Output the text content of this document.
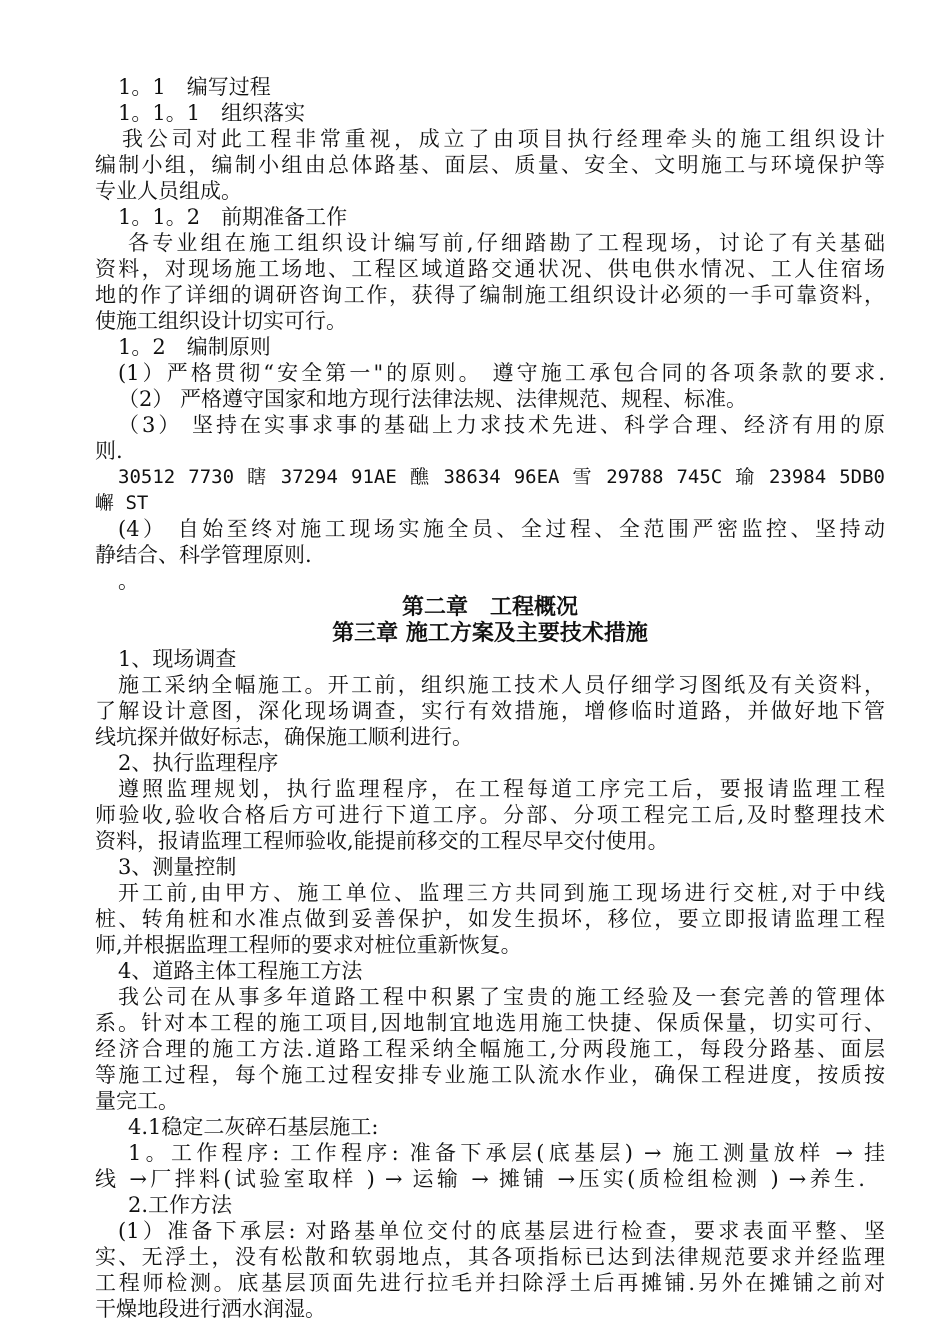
1。1　编写过程
1。1。1　组织落实
我公司对此工程非常重视，成立了由项目执行经理牵头的施工组织设计
编制小组，编制小组由总体路基、面层、质量、安全、文明施工与环境保护等
专业人员组成。
1。1。2　前期准备工作
各专业组在施工组织设计编写前,仔细踏勘了工程现场，讨论了有关基础
资料，对现场施工场地、工程区域道路交通状况、供电供水情况、工人住宿场
地的作了详细的调研咨询工作，获得了编制施工组织设计必须的一手可靠资料，
使施工组织设计切实可行。
1。2　编制原则
(1）严格贯彻“安全第一"的原则。 遵守施工承包合同的各项条款的要求.
（2） 严格遵守国家和地方现行法律法规、法律规范、规程、标准。
（3） 坚持在实事求事的基础上力求技术先进、科学合理、经济有用的原
则.
30512 7730 瞎 37294 91AE 醮 38634 96EA 雪 29788 745C 瑜 23984 5DB0
嶰 ST
(4） 自始至终对施工现场实施全员、全过程、全范围严密监控、坚持动
静结合、科学管理原则.
。
第二章　工程概况
第三章 施工方案及主要技术措施
1、现场调查
施工采纳全幅施工。开工前，组织施工技术人员仔细学习图纸及有关资料，
了解设计意图，深化现场调查，实行有效措施，增修临时道路，并做好地下管
线坑探并做好标志，确保施工顺利进行。
2、执行监理程序
遵照监理规划，执行监理程序，在工程每道工序完工后，要报请监理工程
师验收,验收合格后方可进行下道工序。分部、分项工程完工后,及时整理技术
资料，报请监理工程师验收,能提前移交的工程尽早交付使用。
3、测量控制
开工前,由甲方、施工单位、监理三方共同到施工现场进行交桩,对于中线
桩、转角桩和水准点做到妥善保护，如发生损坏，移位，要立即报请监理工程
师,并根据监理工程师的要求对桩位重新恢复。
4、道路主体工程施工方法
我公司在从事多年道路工程中积累了宝贵的施工经验及一套完善的管理体
系。针对本工程的施工项目,因地制宜地选用施工快捷、保质保量，切实可行、
经济合理的施工方法.道路工程采纳全幅施工,分两段施工，每段分路基、面层
等施工过程，每个施工过程安排专业施工队流水作业，确保工程进度，按质按
量完工。
4.1稳定二灰碎石基层施工:
1。工作程序: 工作程序: 准备下承层(底基层) → 施工测量放样 → 挂
线 →厂拌料(试验室取样 ) → 运输 → 摊铺 →压实(质检组检测 ) →养生.
2.工作方法
(1）准备下承层: 对路基单位交付的底基层进行检查，要求表面平整、坚
实、无浮土，没有松散和软弱地点，其各项指标已达到法律规范要求并经监理
工程师检测。底基层顶面先进行拉毛并扫除浮土后再摊铺.另外在摊铺之前对
干燥地段进行洒水润湿。
